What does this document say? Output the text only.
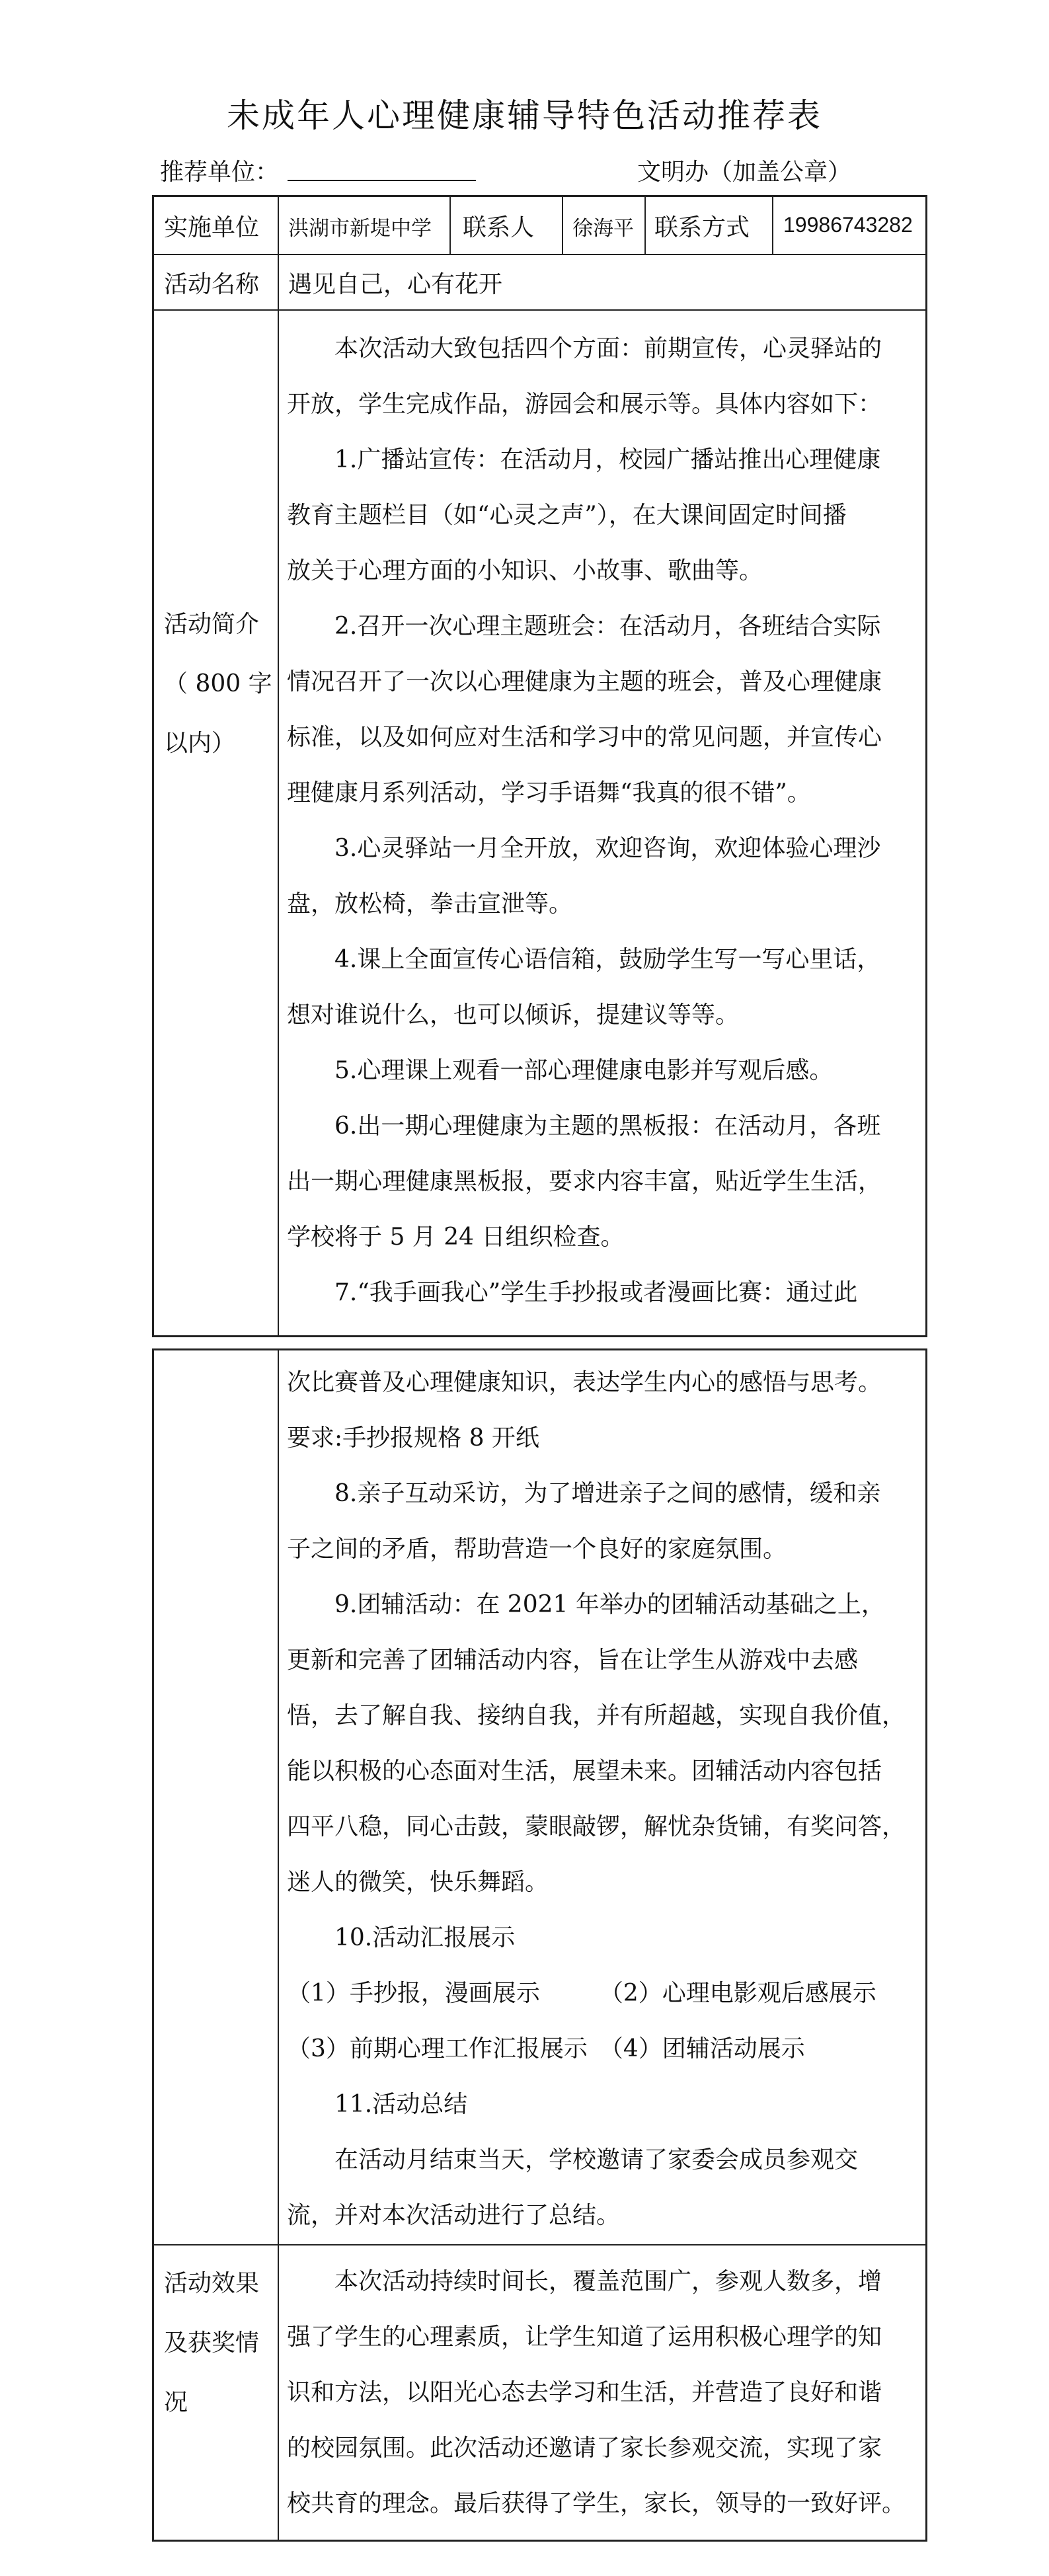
未成年人心理健康辅导特色活动推荐表
推荐单位：	文明办（加盖公章）
实施单位 洪湖市新堤中学 联系人 徐海平 联系方式 19986743282
活动名称 遇见自己，心有花开
活动简介
（ 800 字
以内）
　　本次活动大致包括四个方面：前期宣传，心灵驿站的
开放，学生完成作品，游园会和展示等。具体内容如下：
　　1.广播站宣传：在活动月，校园广播站推出心理健康
教育主题栏目（如“心灵之声”），在大课间固定时间播
放关于心理方面的小知识、小故事、歌曲等。
　　2.召开一次心理主题班会：在活动月，各班结合实际
情况召开了一次以心理健康为主题的班会，普及心理健康
标准，以及如何应对生活和学习中的常见问题，并宣传心
理健康月系列活动，学习手语舞“我真的很不错”。
　　3.心灵驿站一月全开放，欢迎咨询，欢迎体验心理沙
盘，放松椅，拳击宣泄等。
　　4.课上全面宣传心语信箱，鼓励学生写一写心里话，
想对谁说什么，也可以倾诉，提建议等等。
　　5.心理课上观看一部心理健康电影并写观后感。
　　6.出一期心理健康为主题的黑板报：在活动月，各班
出一期心理健康黑板报，要求内容丰富，贴近学生生活，
学校将于 5 月 24 日组织检查。
　　7.“我手画我心”学生手抄报或者漫画比赛：通过此
次比赛普及心理健康知识，表达学生内心的感悟与思考。
要求:手抄报规格 8 开纸
　　8.亲子互动采访，为了增进亲子之间的感情，缓和亲
子之间的矛盾，帮助营造一个良好的家庭氛围。
　　9.团辅活动：在 2021 年举办的团辅活动基础之上，
更新和完善了团辅活动内容，旨在让学生从游戏中去感
悟，去了解自我、接纳自我，并有所超越，实现自我价值，
能以积极的心态面对生活，展望未来。团辅活动内容包括
四平八稳，同心击鼓，蒙眼敲锣，解忧杂货铺，有奖问答，
迷人的微笑，快乐舞蹈。
　　10.活动汇报展示
（1）手抄报，漫画展示　　　（2）心理电影观后感展示
（3）前期心理工作汇报展示　（4）团辅活动展示
　　11.活动总结
　　在活动月结束当天，学校邀请了家委会成员参观交
流，并对本次活动进行了总结。
活动效果
及获奖情
况
　　本次活动持续时间长，覆盖范围广，参观人数多，增
强了学生的心理素质，让学生知道了运用积极心理学的知
识和方法，以阳光心态去学习和生活，并营造了良好和谐
的校园氛围。此次活动还邀请了家长参观交流，实现了家
校共育的理念。最后获得了学生，家长，领导的一致好评。
